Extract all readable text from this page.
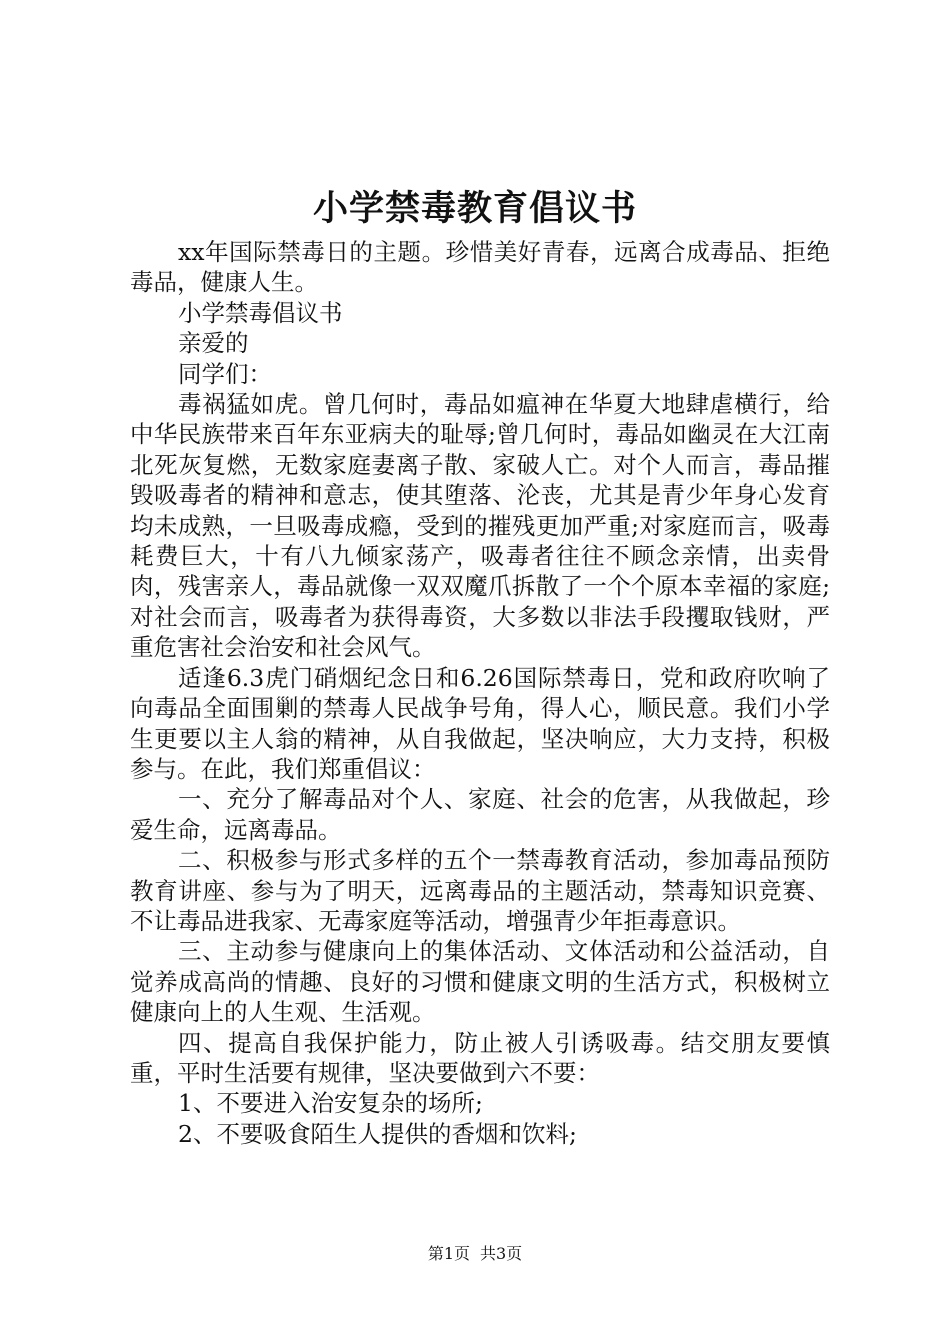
小学禁毒教育倡议书

xx年国际禁毒日的主题。珍惜美好青春，远离合成毒品、拒绝毒品，健康人生。

小学禁毒倡议书

亲爱的

同学们：

毒祸猛如虎。曾几何时，毒品如瘟神在华夏大地肆虐横行，给中华民族带来百年东亚病夫的耻辱;曾几何时，毒品如幽灵在大江南北死灰复燃，无数家庭妻离子散、家破人亡。对个人而言，毒品摧毁吸毒者的精神和意志，使其堕落、沦丧，尤其是青少年身心发育均未成熟，一旦吸毒成瘾，受到的摧残更加严重;对家庭而言，吸毒耗费巨大，十有八九倾家荡产，吸毒者往往不顾念亲情，出卖骨肉，残害亲人，毒品就像一双双魔爪拆散了一个个原本幸福的家庭;对社会而言，吸毒者为获得毒资，大多数以非法手段攫取钱财，严重危害社会治安和社会风气。

适逢6.3虎门硝烟纪念日和6.26国际禁毒日，党和政府吹响了向毒品全面围剿的禁毒人民战争号角，得人心，顺民意。我们小学生更要以主人翁的精神，从自我做起，坚决响应，大力支持，积极参与。在此，我们郑重倡议：

一、充分了解毒品对个人、家庭、社会的危害，从我做起，珍爱生命，远离毒品。

二、积极参与形式多样的五个一禁毒教育活动，参加毒品预防教育讲座、参与为了明天，远离毒品的主题活动，禁毒知识竞赛、不让毒品进我家、无毒家庭等活动，增强青少年拒毒意识。

三、主动参与健康向上的集体活动、文体活动和公益活动，自觉养成高尚的情趣、良好的习惯和健康文明的生活方式，积极树立健康向上的人生观、生活观。

四、提高自我保护能力，防止被人引诱吸毒。结交朋友要慎重，平时生活要有规律，坚决要做到六不要：

1、不要进入治安复杂的场所;

2、不要吸食陌生人提供的香烟和饮料;

第1页 共3页
